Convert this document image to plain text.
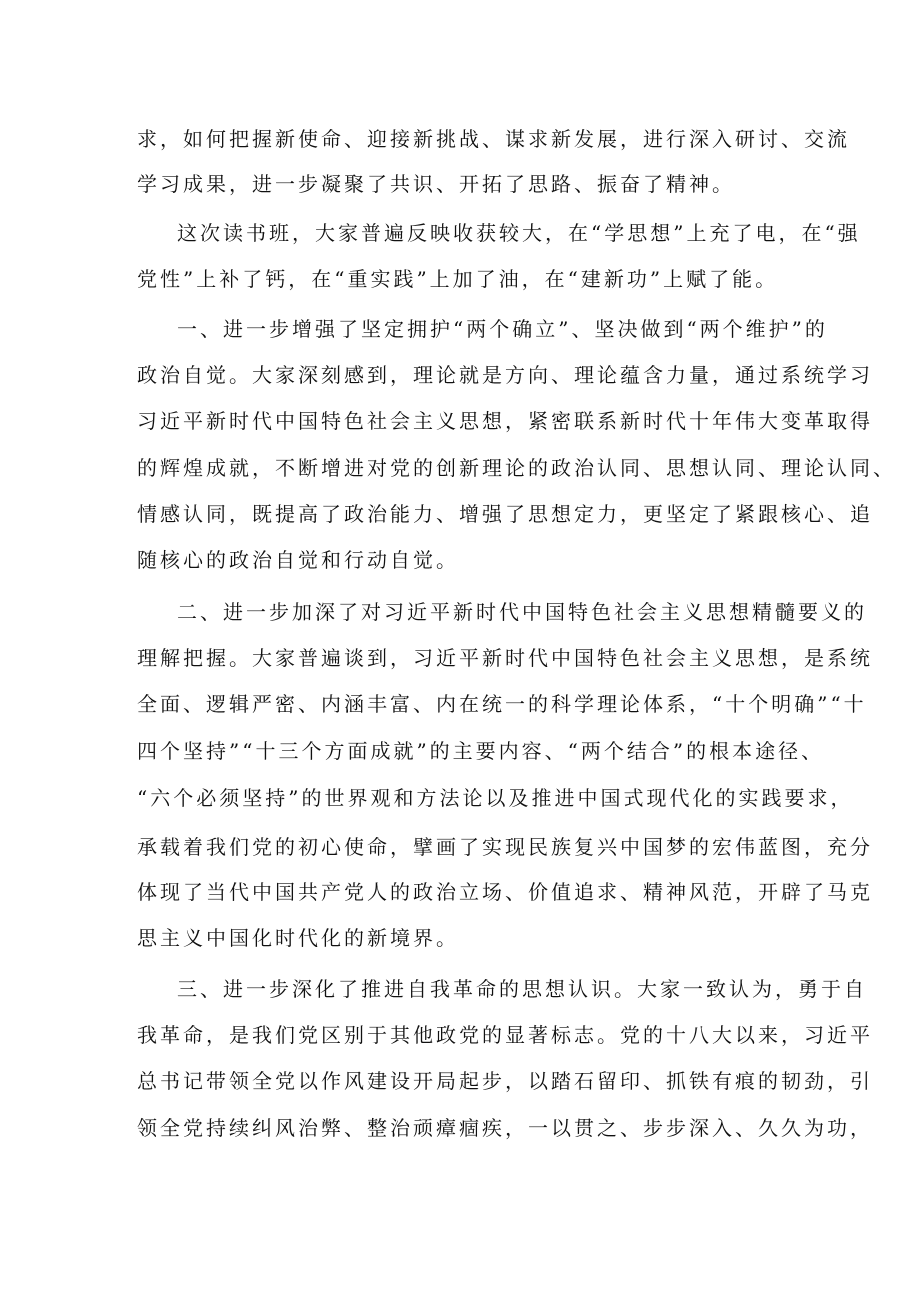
求，如何把握新使命、迎接新挑战、谋求新发展，进行深入研讨、交流
学习成果，进一步凝聚了共识、开拓了思路、振奋了精神。
这次读书班，大家普遍反映收获较大，在“学思想”上充了电，在“强
党性”上补了钙，在“重实践”上加了油，在“建新功”上赋了能。
一、进一步增强了坚定拥护“两个确立”、坚决做到“两个维护”的
政治自觉。大家深刻感到，理论就是方向、理论蕴含力量，通过系统学习
习近平新时代中国特色社会主义思想，紧密联系新时代十年伟大变革取得
的辉煌成就，不断增进对党的创新理论的政治认同、思想认同、理论认同、
情感认同，既提高了政治能力、增强了思想定力，更坚定了紧跟核心、追
随核心的政治自觉和行动自觉。
二、进一步加深了对习近平新时代中国特色社会主义思想精髓要义的
理解把握。大家普遍谈到，习近平新时代中国特色社会主义思想，是系统
全面、逻辑严密、内涵丰富、内在统一的科学理论体系，“十个明确”“十
四个坚持”“十三个方面成就”的主要内容、“两个结合”的根本途径、
“六个必须坚持”的世界观和方法论以及推进中国式现代化的实践要求，
承载着我们党的初心使命，擘画了实现民族复兴中国梦的宏伟蓝图，充分
体现了当代中国共产党人的政治立场、价值追求、精神风范，开辟了马克
思主义中国化时代化的新境界。
三、进一步深化了推进自我革命的思想认识。大家一致认为，勇于自
我革命，是我们党区别于其他政党的显著标志。党的十八大以来，习近平
总书记带领全党以作风建设开局起步，以踏石留印、抓铁有痕的韧劲，引
领全党持续纠风治弊、整治顽瘴痼疾，一以贯之、步步深入、久久为功，
